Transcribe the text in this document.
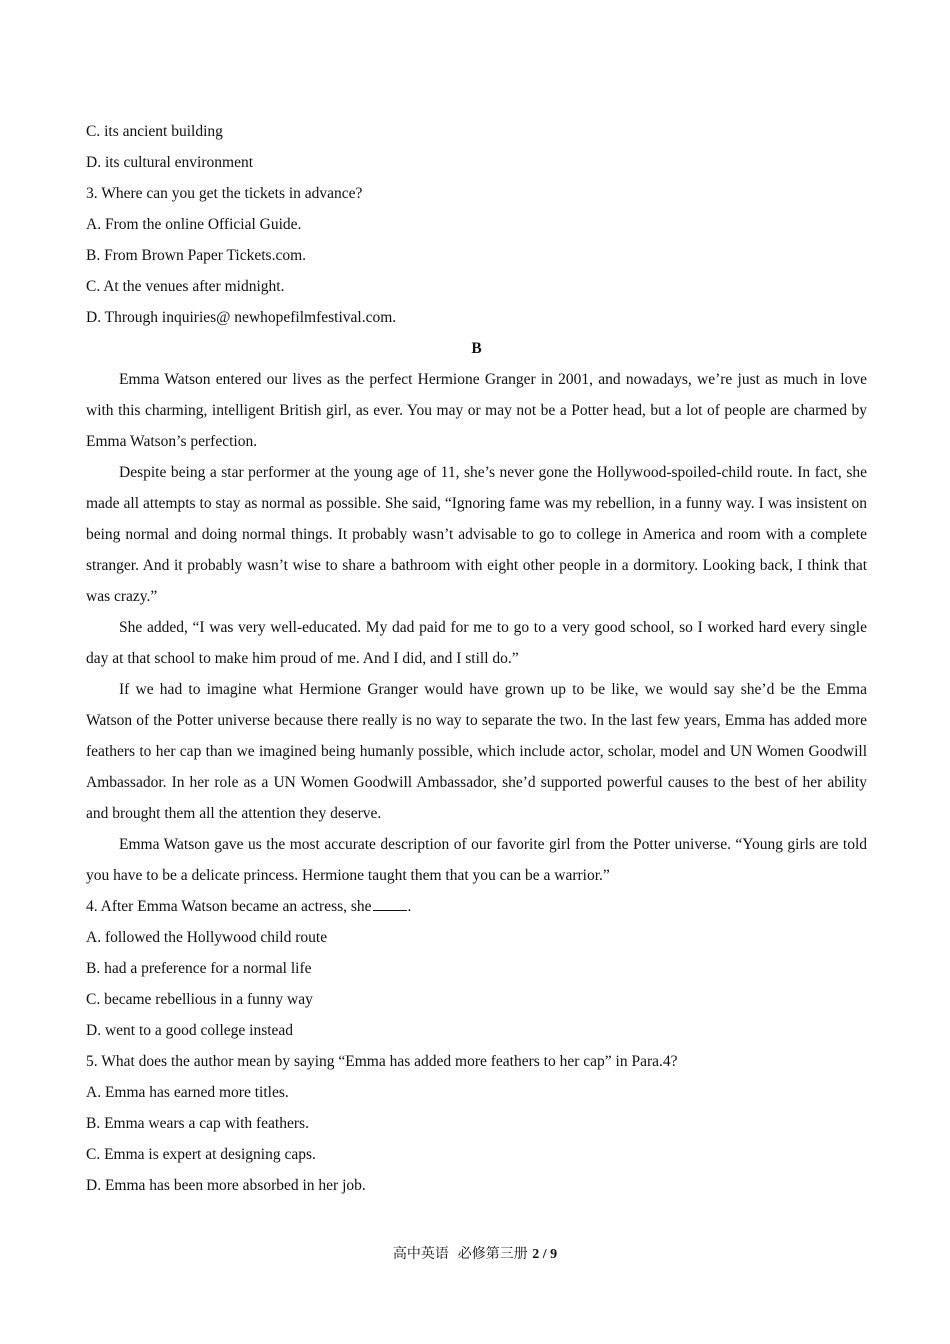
C. its ancient building

D. its cultural environment

3. Where can you get the tickets in advance?

A. From the online Official Guide.

B. From Brown Paper Tickets.com.

C. At the venues after midnight.

D. Through inquiries@ newhopefilmfestival.com.

B

Emma Watson entered our lives as the perfect Hermione Granger in 2001, and nowadays, we’re just as much in love with this charming, intelligent British girl, as ever. You may or may not be a Potter head, but a lot of people are charmed by Emma Watson’s perfection.

Despite being a star performer at the young age of 11, she’s never gone the Hollywood-spoiled-child route. In fact, she made all attempts to stay as normal as possible. She said, “Ignoring fame was my rebellion, in a funny way. I was insistent on being normal and doing normal things. It probably wasn’t advisable to go to college in America and room with a complete stranger. And it probably wasn’t wise to share a bathroom with eight other people in a dormitory. Looking back, I think that was crazy.”

She added, “I was very well-educated. My dad paid for me to go to a very good school, so I worked hard every single day at that school to make him proud of me. And I did, and I still do.”

If we had to imagine what Hermione Granger would have grown up to be like, we would say she’d be the Emma Watson of the Potter universe because there really is no way to separate the two. In the last few years, Emma has added more feathers to her cap than we imagined being humanly possible, which include actor, scholar, model and UN Women Goodwill Ambassador. In her role as a UN Women Goodwill Ambassador, she’d supported powerful causes to the best of her ability and brought them all the attention they deserve.

Emma Watson gave us the most accurate description of our favorite girl from the Potter universe. “Young girls are told you have to be a delicate princess. Hermione taught them that you can be a warrior.”

4. After Emma Watson became an actress, she .

A. followed the Hollywood child route

B. had a preference for a normal life

C. became rebellious in a funny way

D. went to a good college instead

5. What does the author mean by saying “Emma has added more feathers to her cap” in Para.4?

A. Emma has earned more titles.

B. Emma wears a cap with feathers.

C. Emma is expert at designing caps.

D. Emma has been more absorbed in her job.

高中英语  必修第三册 2 / 9
